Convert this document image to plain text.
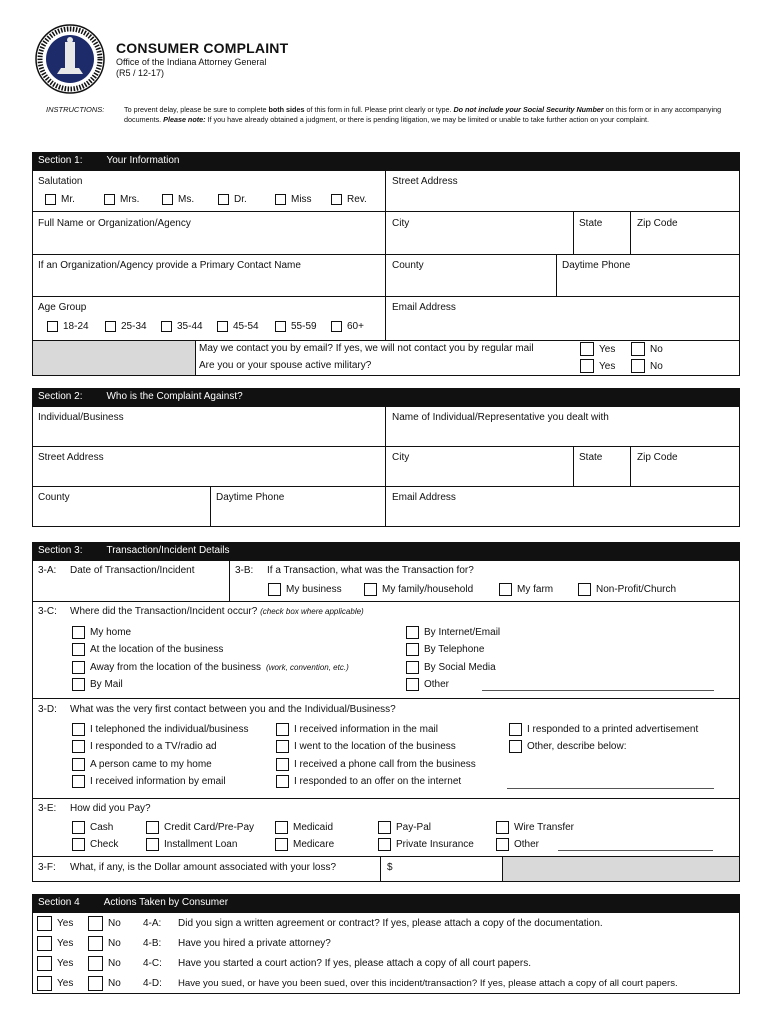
CONSUMER COMPLAINT
Office of the Indiana Attorney General
(R5 / 12-17)
INSTRUCTIONS:	To prevent delay, please be sure to complete both sides of this form in full. Please print clearly or type. Do not include your Social Security Number on this form or in any accompanying documents. Please note: If you have already obtained a judgment, or there is pending litigation, we may be limited or unable to take further action on your complaint.
Section 1: Your Information
Salutation
Mr.	Mrs.	Ms.	Dr.	Miss	Rev.
Street Address
Full Name or Organization/Agency	City	State	Zip Code
If an Organization/Agency provide a Primary Contact Name	County	Daytime Phone
Age Group
18-24	25-34	35-44	45-54	55-59	60+
Email Address
May we contact you by email? If yes, we will not contact you by regular mail
Are you or your spouse active military?
Yes	No
Yes	No
Section 2: Who is the Complaint Against?
Individual/Business	Name of Individual/Representative you dealt with
Street Address	City	State	Zip Code
County	Daytime Phone	Email Address
Section 3: Transaction/Incident Details
3-A: Date of Transaction/Incident	3-B: If a Transaction, what was the Transaction for?
My business	My family/household	My farm	Non-Profit/Church
3-C: Where did the Transaction/Incident occur? (check box where applicable)
My home
At the location of the business
Away from the location of the business (work, convention, etc.)
By Mail
By Internet/Email
By Telephone
By Social Media
Other
3-D: What was the very first contact between you and the Individual/Business?
I telephoned the individual/business
I responded to a TV/radio ad
A person came to my home
I received information by email
I received information in the mail
I went to the location of the business
I received a phone call from the business
I responded to an offer on the internet
I responded to a printed advertisement
Other, describe below:
3-E: How did you Pay?
Cash	Credit Card/Pre-Pay	Medicaid	Pay-Pal	Wire Transfer
Check	Installment Loan	Medicare	Private Insurance	Other
3-F: What, if any, is the Dollar amount associated with your loss?	$
Section 4 Actions Taken by Consumer
Yes	No 4-A: Did you sign a written agreement or contract? If yes, please attach a copy of the documentation.
Yes	No 4-B: Have you hired a private attorney?
Yes	No 4-C: Have you started a court action? If yes, please attach a copy of all court papers.
Yes	No 4-D: Have you sued, or have you been sued, over this incident/transaction? If yes, please attach a copy of all court papers.
